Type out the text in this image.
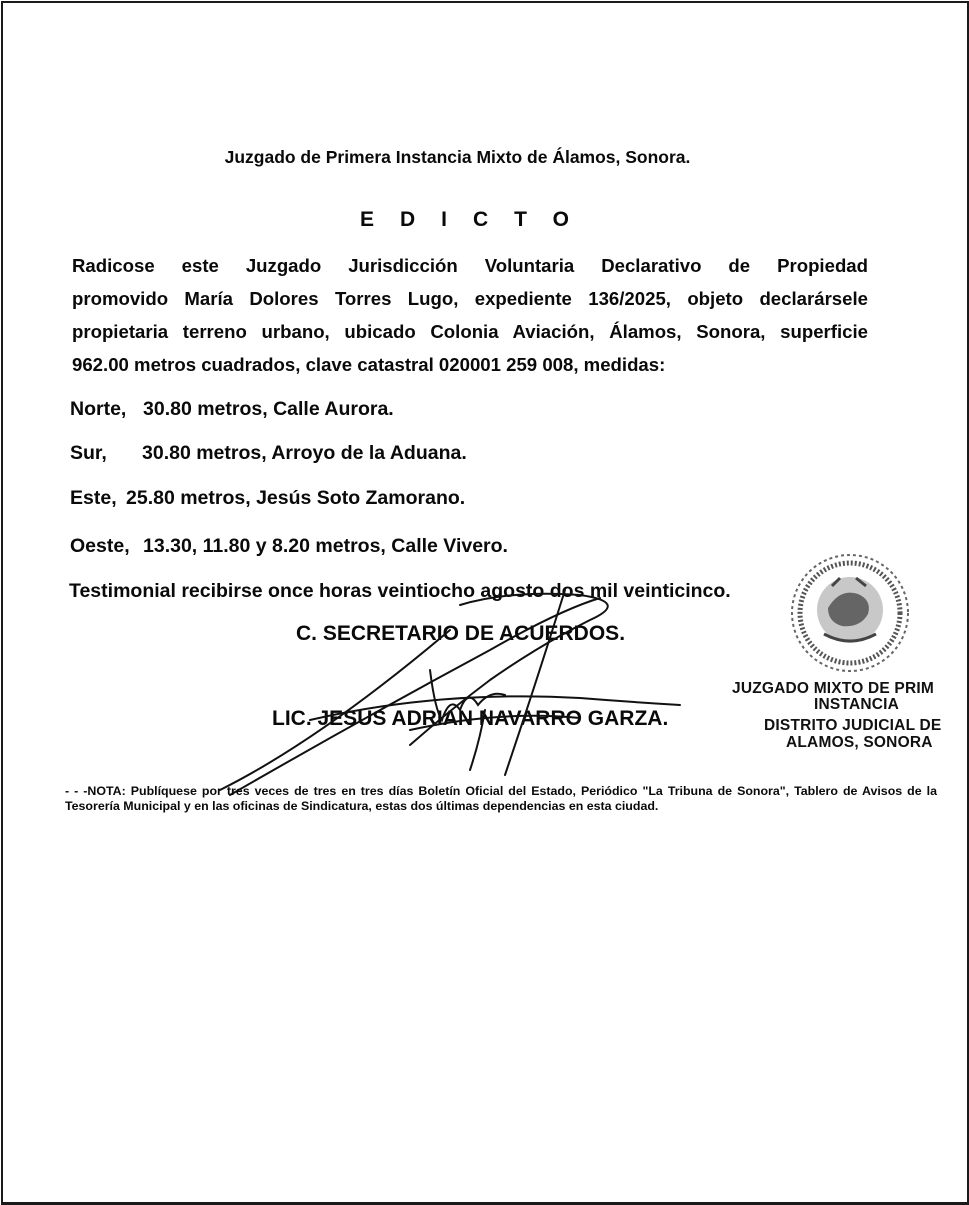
Juzgado de Primera Instancia Mixto de Álamos, Sonora.
EDICTO
Radicose este Juzgado Jurisdicción Voluntaria Declarativo de Propiedad
promovido María Dolores Torres Lugo, expediente 136/2025, objeto declarársele
propietaria terreno urbano, ubicado Colonia Aviación, Álamos, Sonora, superficie
962.00 metros cuadrados, clave catastral 020001 259 008, medidas:
Norte, 30.80 metros, Calle Aurora.
Sur, 30.80 metros, Arroyo de la Aduana.
Este, 25.80 metros, Jesús Soto Zamorano.
Oeste, 13.30, 11.80 y 8.20 metros, Calle Vivero.
Testimonial recibirse once horas veintiocho agosto dos mil veinticinco.
C. SECRETARIO DE ACUERDOS.
LIC. JESUS ADRIAN NAVARRO GARZA.
- - -NOTA: Publíquese por tres veces de tres en tres días Boletín Oficial del Estado, Periódico "La Tribuna de Sonora", Tablero de Avisos de la Tesorería Municipal y en las oficinas de Sindicatura, estas dos últimas dependencias en esta ciudad.
JUZGADO MIXTO DE PRIM
INSTANCIA
DISTRITO JUDICIAL DE
ALAMOS, SONORA
